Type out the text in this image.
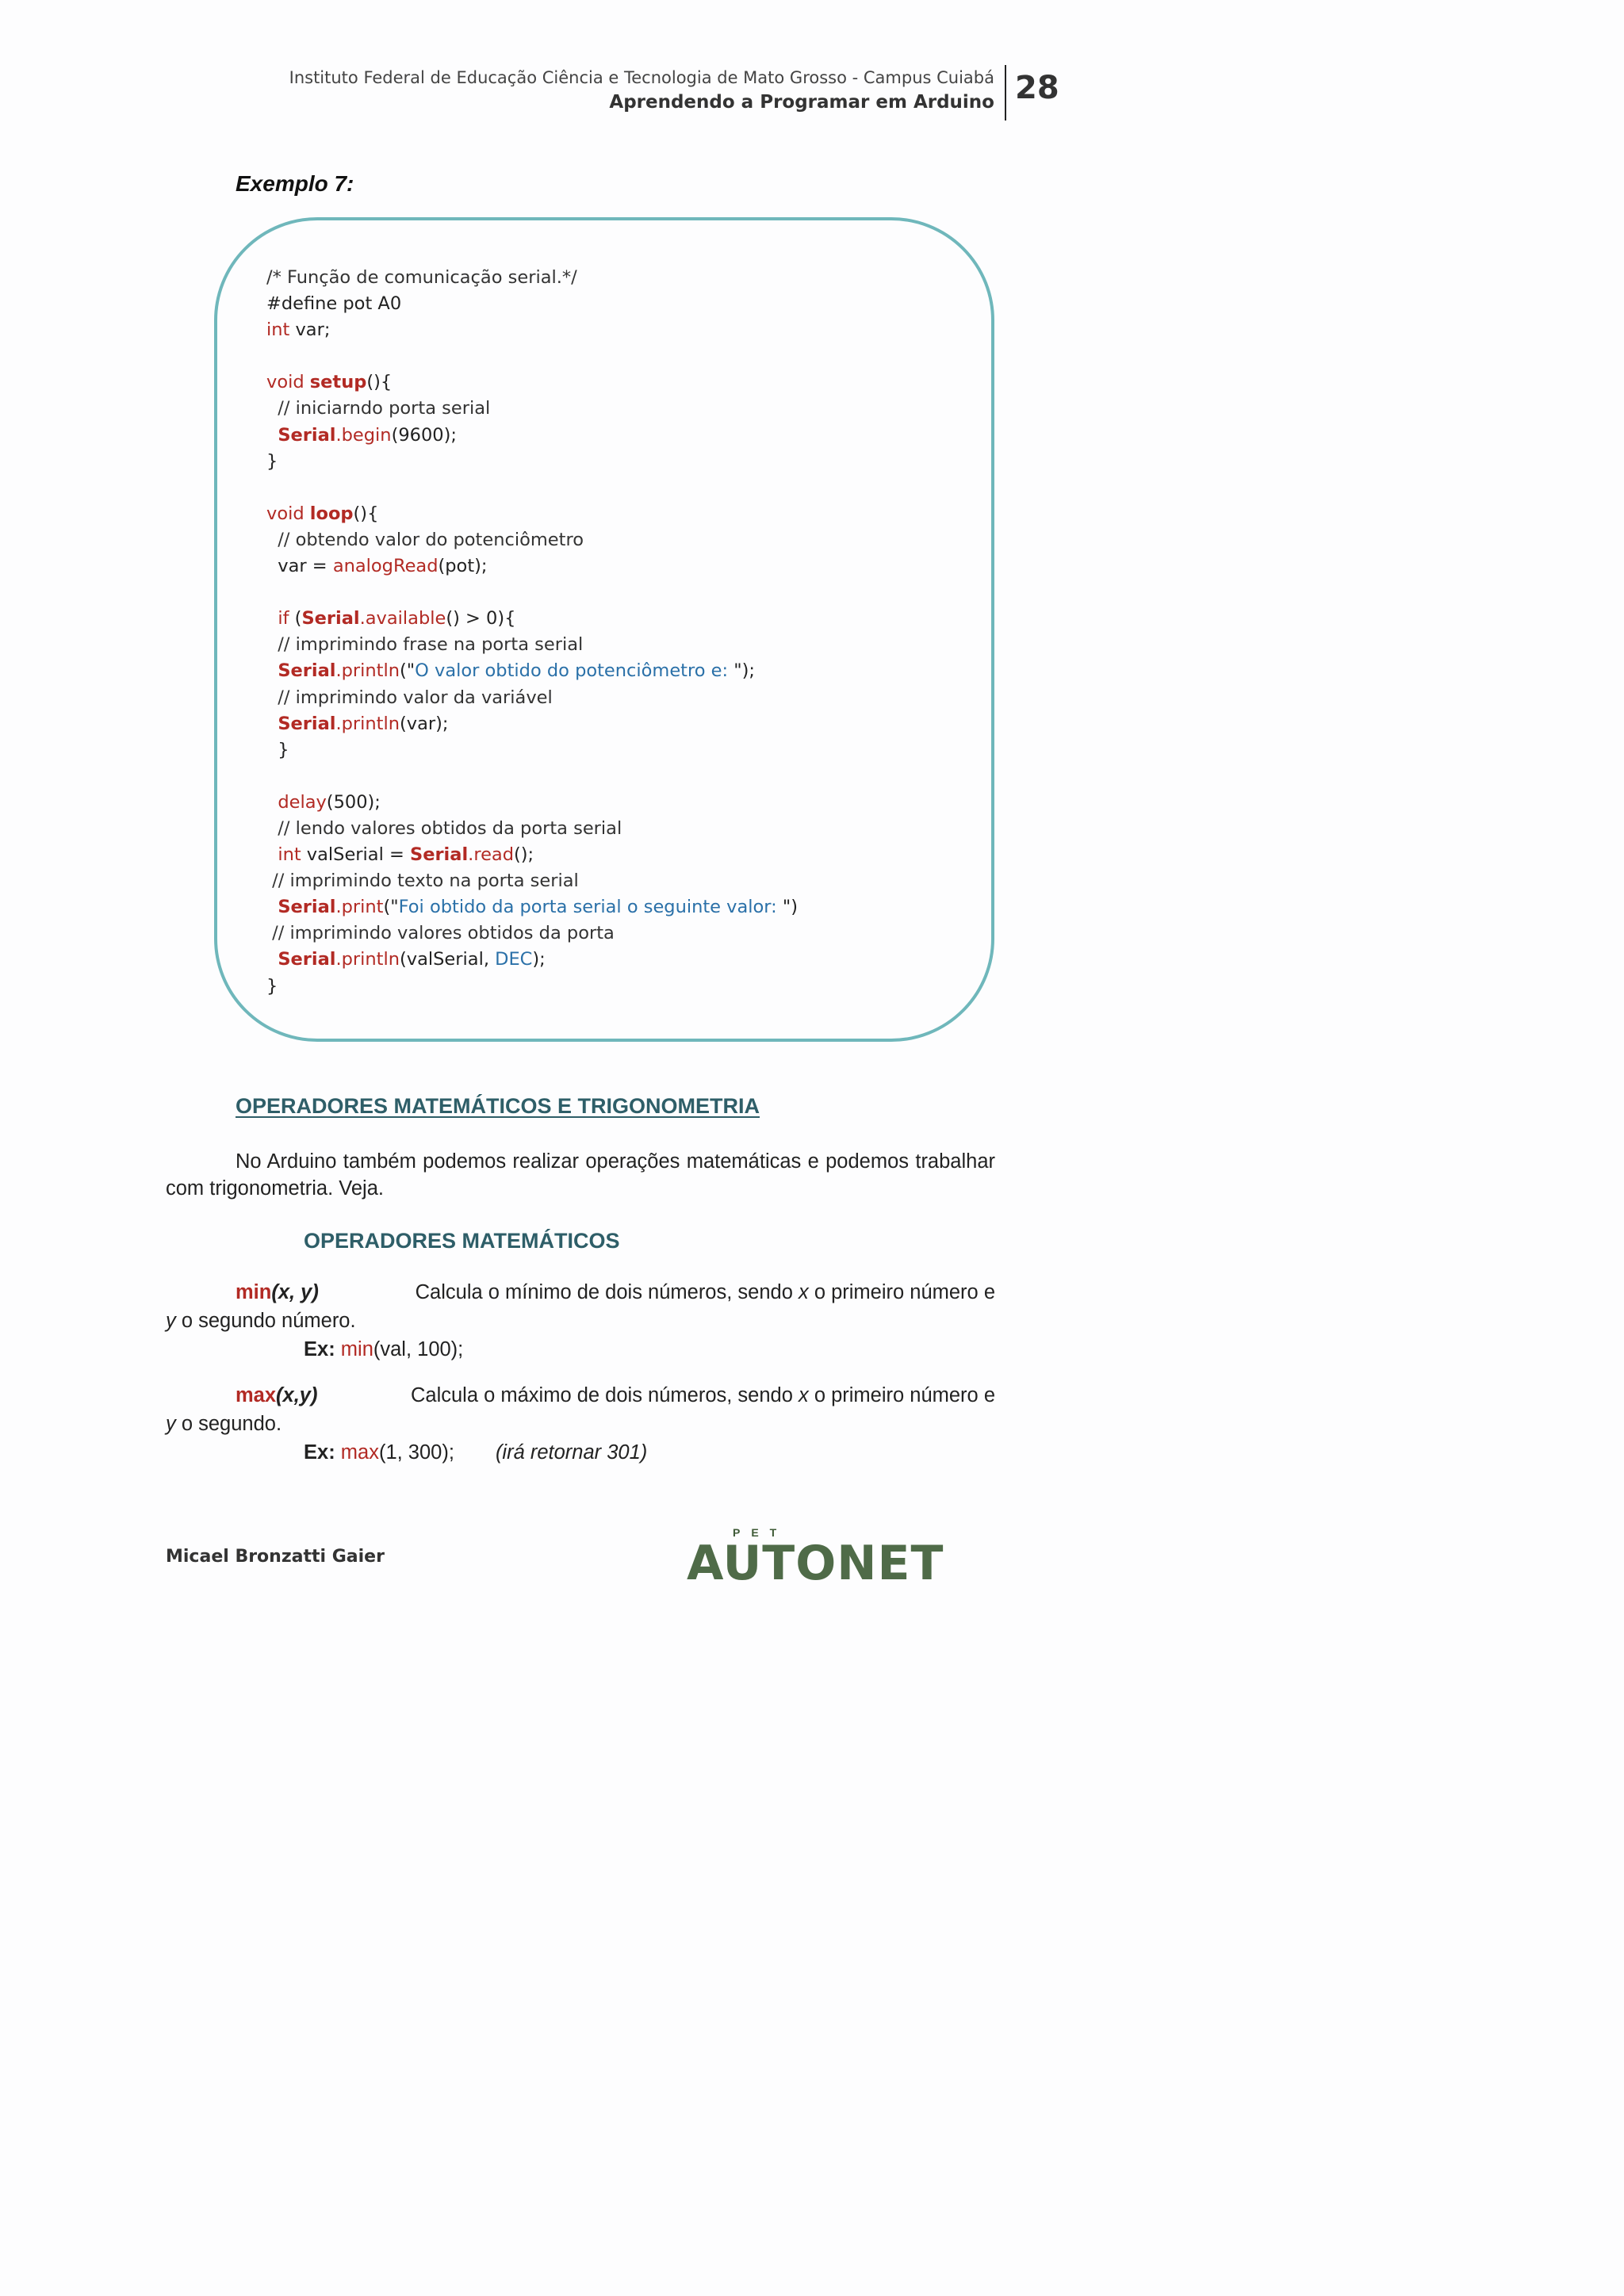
Instituto Federal de Educação Ciência e Tecnologia de Mato Grosso - Campus Cuiabá
Aprendendo a Programar em Arduino 28
Exemplo 7:
/* Função de comunicação serial.*/
#define pot A0
int var;
void setup(){
// iniciarndo porta serial
Serial.begin(9600);
}
void loop(){
// obtendo valor do potenciômetro
var = analogRead(pot);
if (Serial.available() > 0){
// imprimindo frase na porta serial
Serial.println("O valor obtido do potenciômetro e: ");
// imprimindo valor da variável
Serial.println(var);
}
delay(500);
// lendo valores obtidos da porta serial
int valSerial = Serial.read();
// imprimindo texto na porta serial
Serial.print("Foi obtido da porta serial o seguinte valor: ")
// imprimindo valores obtidos da porta
Serial.println(valSerial, DEC);
}
OPERADORES MATEMÁTICOS E TRIGONOMETRIA
No Arduino também podemos realizar operações matemáticas e podemos trabalhar com trigonometria. Veja.
OPERADORES MATEMÁTICOS
min(x, y)	Calcula o mínimo de dois números, sendo x o primeiro número e
y o segundo número.
Ex: min(val, 100);
max(x,y)	Calcula o máximo de dois números, sendo x o primeiro número e
y o segundo.
Ex: max(1, 300); (irá retornar 301)
Micael Bronzatti Gaier
PET
AUTONET
